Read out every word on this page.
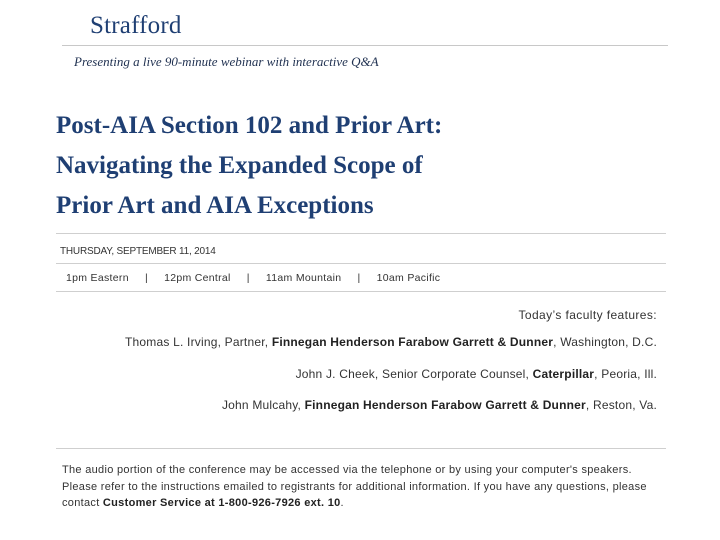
Strafford
Presenting a live 90-minute webinar with interactive Q&A
Post-AIA Section 102 and Prior Art:
Navigating the Expanded Scope of
Prior Art and AIA Exceptions
THURSDAY, SEPTEMBER 11, 2014
1pm Eastern | 12pm Central | 11am Mountain | 10am Pacific
Today’s faculty features:
Thomas L. Irving, Partner, Finnegan Henderson Farabow Garrett & Dunner, Washington, D.C.
John J. Cheek, Senior Corporate Counsel, Caterpillar, Peoria, Ill.
John Mulcahy, Finnegan Henderson Farabow Garrett & Dunner, Reston, Va.
The audio portion of the conference may be accessed via the telephone or by using your computer's speakers. Please refer to the instructions emailed to registrants for additional information. If you have any questions, please contact Customer Service at 1-800-926-7926 ext. 10.
